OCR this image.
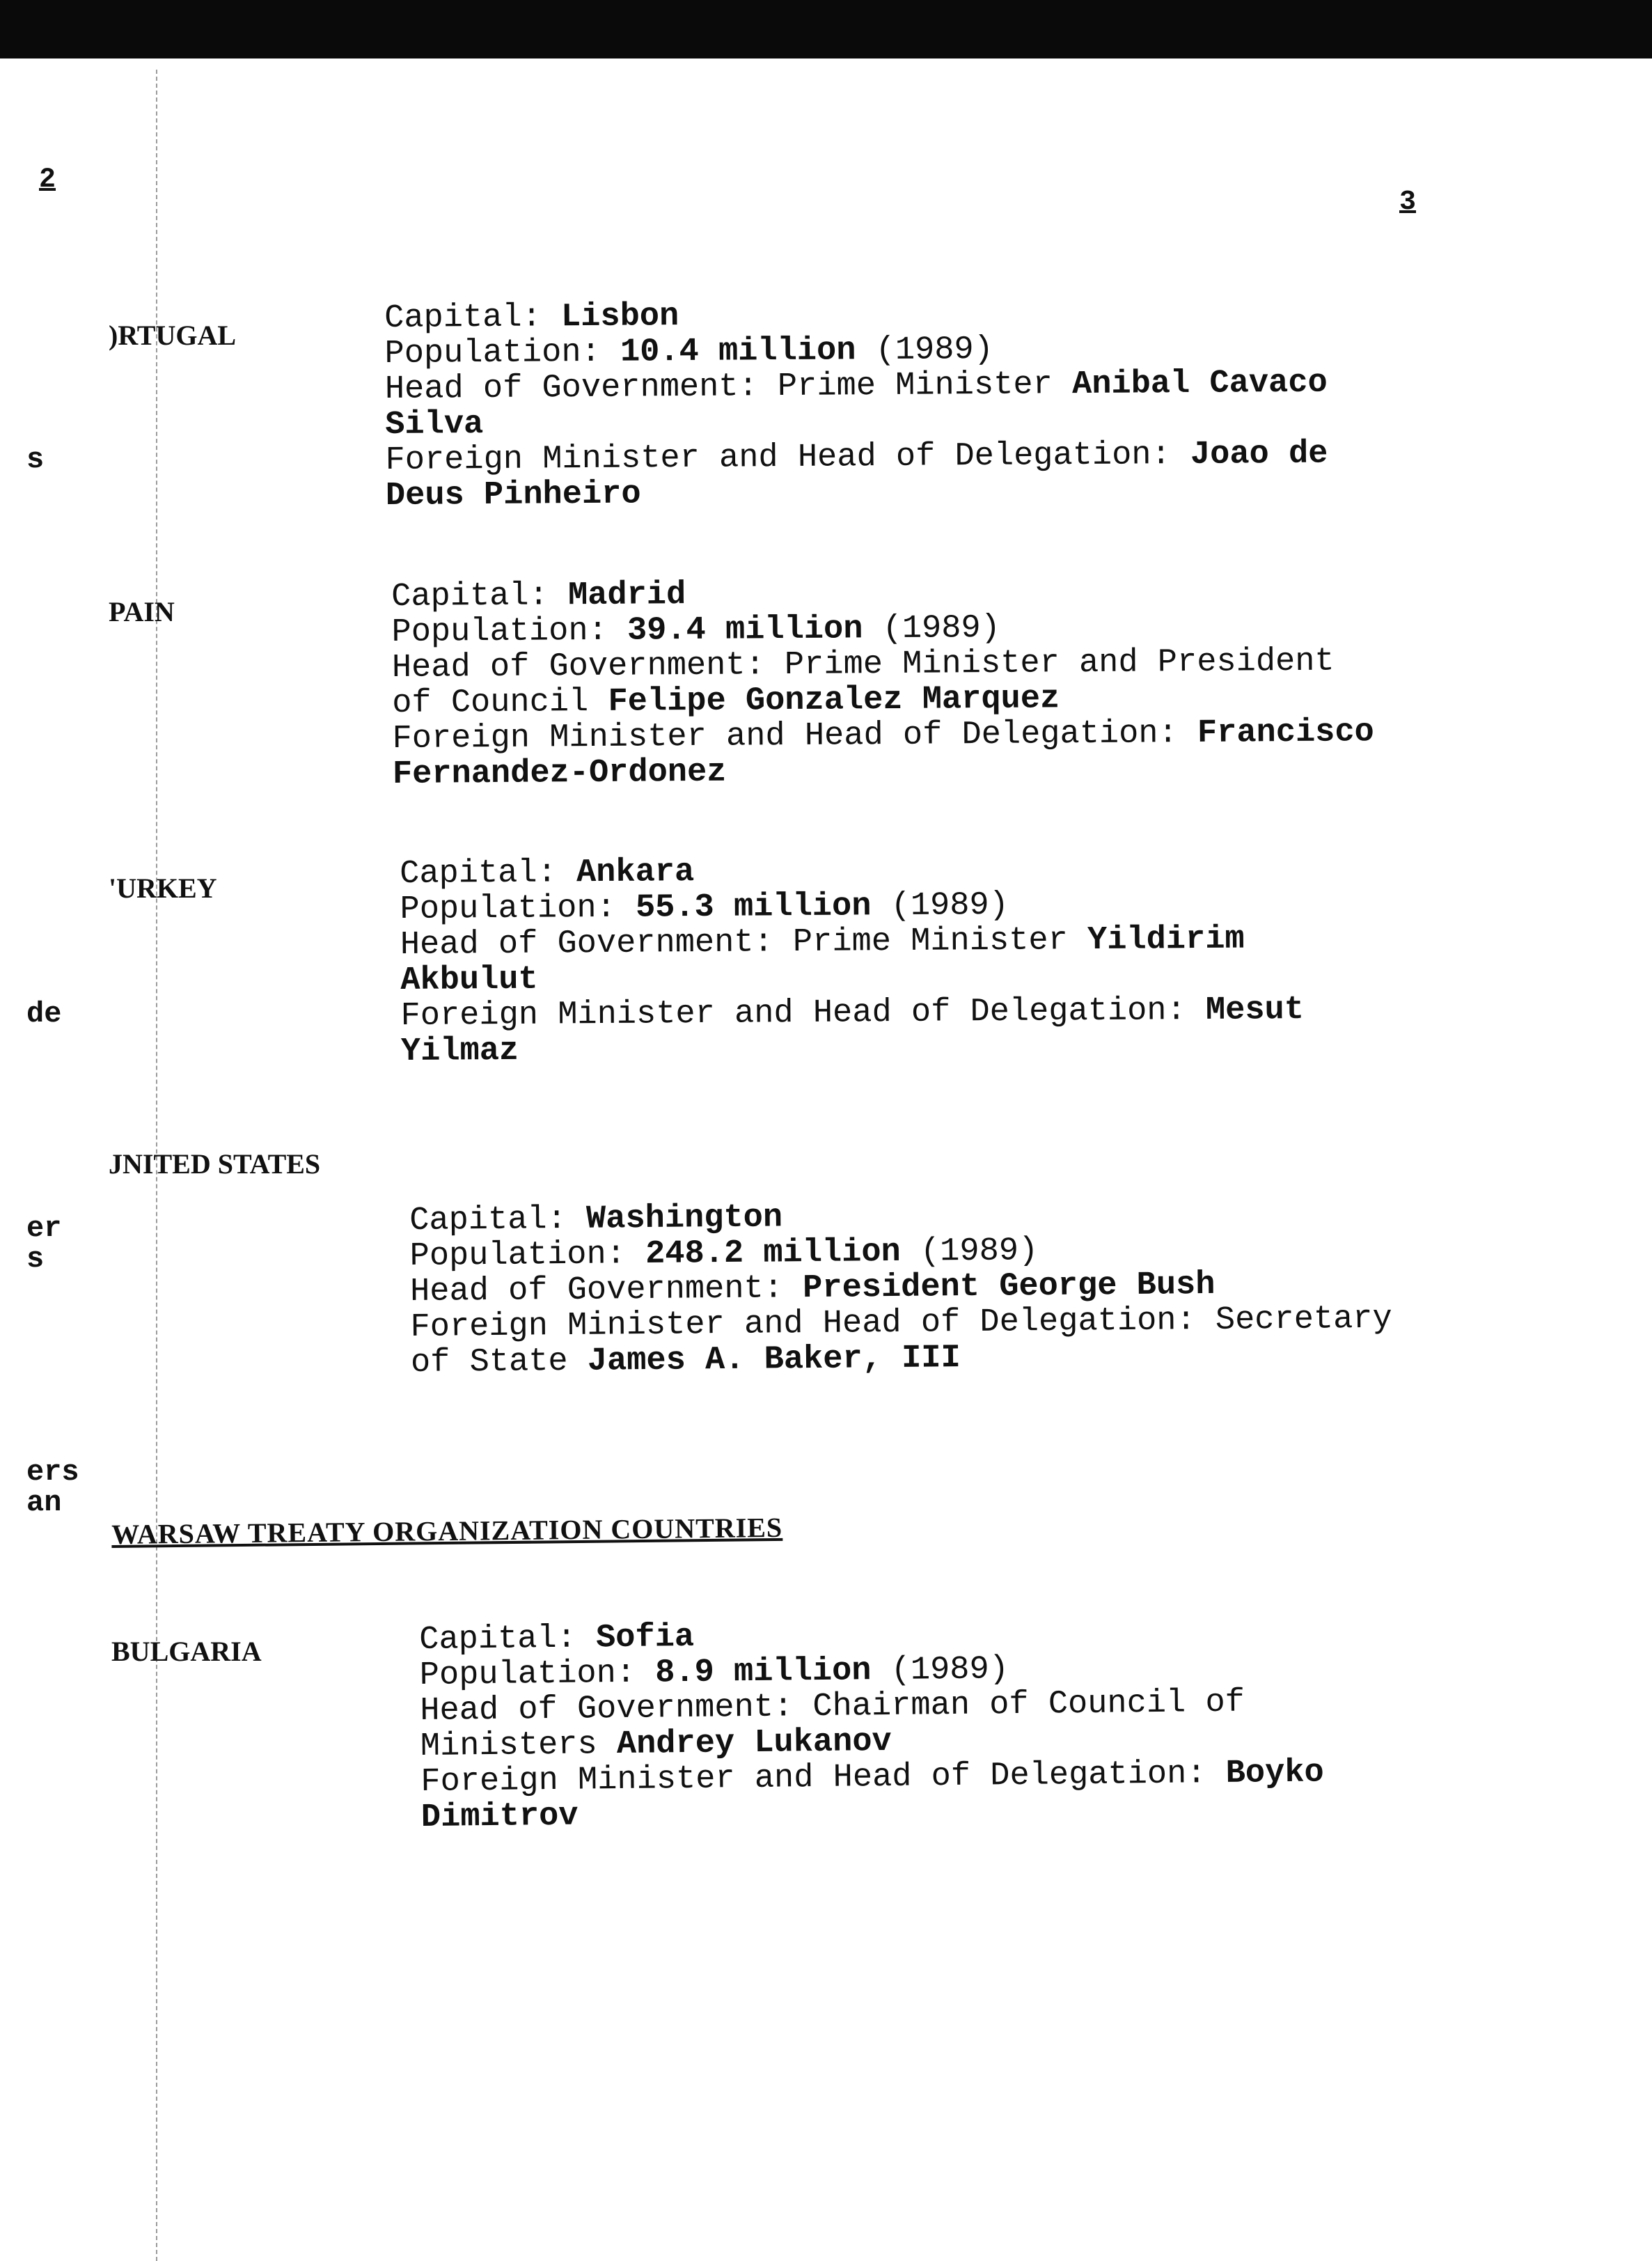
2
3
s
de
er
s
ers
an
)RTUGAL	Capital: Lisbon
Population: 10.4 million (1989)
Head of Government: Prime Minister Anibal Cavaco
Silva
Foreign Minister and Head of Delegation: Joao de
Deus Pinheiro
PAIN	Capital: Madrid
Population: 39.4 million (1989)
Head of Government: Prime Minister and President
of Council Felipe Gonzalez Marquez
Foreign Minister and Head of Delegation: Francisco
Fernandez-Ordonez
'URKEY	Capital: Ankara
Population: 55.3 million (1989)
Head of Government: Prime Minister Yildirim
Akbulut
Foreign Minister and Head of Delegation: Mesut
Yilmaz
JNITED STATES
Capital: Washington
Population: 248.2 million (1989)
Head of Government: President George Bush
Foreign Minister and Head of Delegation: Secretary
of State James A. Baker, III
WARSAW TREATY ORGANIZATION COUNTRIES
BULGARIA	Capital: Sofia
Population: 8.9 million (1989)
Head of Government: Chairman of Council of
Ministers Andrey Lukanov
Foreign Minister and Head of Delegation: Boyko
Dimitrov
